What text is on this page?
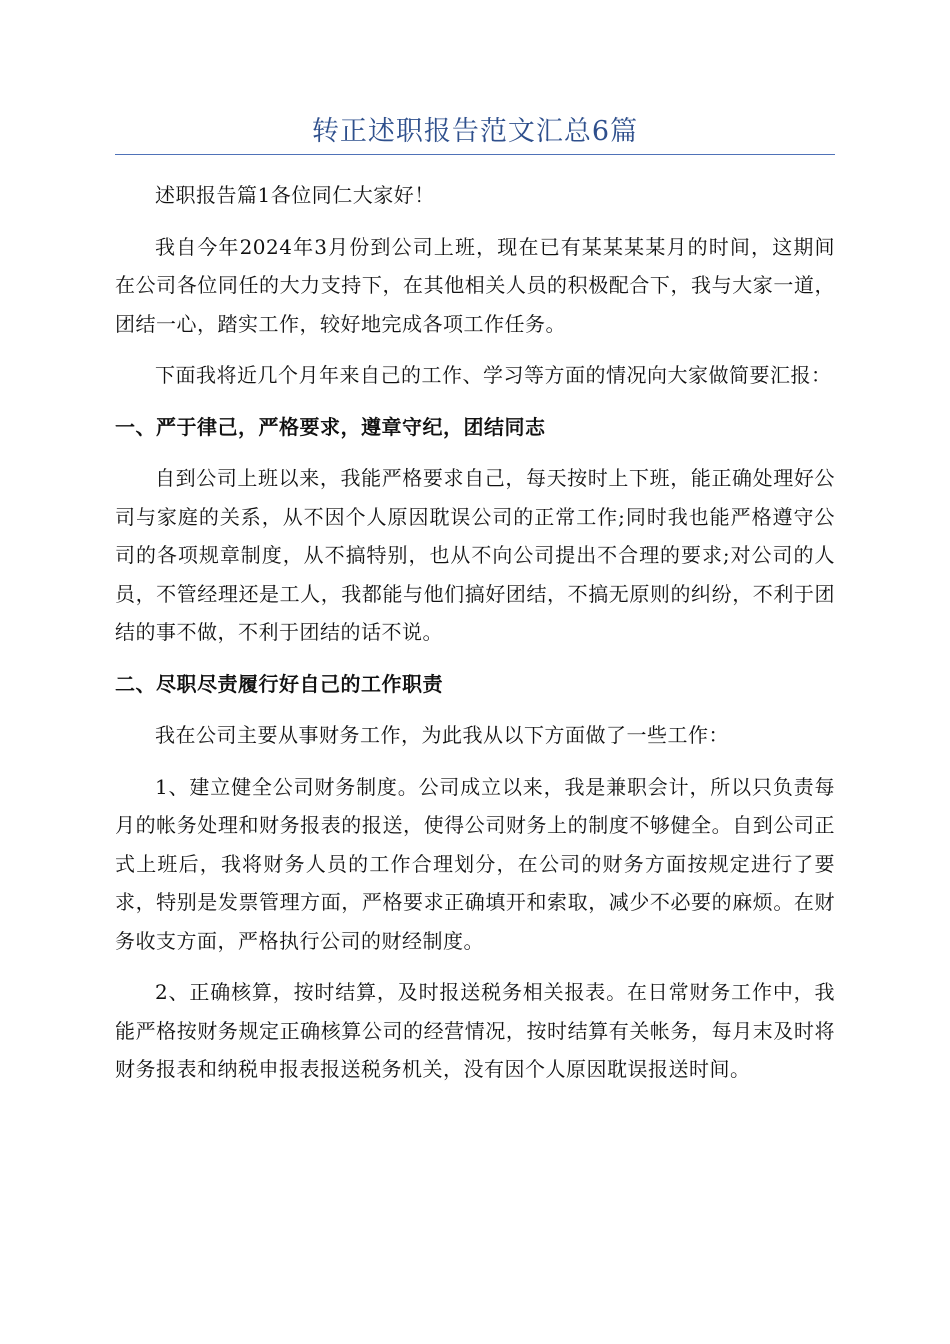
转正述职报告范文汇总6篇

述职报告篇1各位同仁大家好！

我自今年2024年3月份到公司上班，现在已有某某某某月的时间，这期间在公司各位同任的大力支持下，在其他相关人员的积极配合下，我与大家一道，团结一心，踏实工作，较好地完成各项工作任务。

下面我将近几个月年来自己的工作、学习等方面的情况向大家做简要汇报：

一、严于律己，严格要求，遵章守纪，团结同志

自到公司上班以来，我能严格要求自己，每天按时上下班，能正确处理好公司与家庭的关系，从不因个人原因耽误公司的正常工作;同时我也能严格遵守公司的各项规章制度，从不搞特别，也从不向公司提出不合理的要求;对公司的人员，不管经理还是工人，我都能与他们搞好团结，不搞无原则的纠纷，不利于团结的事不做，不利于团结的话不说。

二、尽职尽责履行好自己的工作职责

我在公司主要从事财务工作，为此我从以下方面做了一些工作：

1、建立健全公司财务制度。公司成立以来，我是兼职会计，所以只负责每月的帐务处理和财务报表的报送，使得公司财务上的制度不够健全。自到公司正式上班后，我将财务人员的工作合理划分，在公司的财务方面按规定进行了要求，特别是发票管理方面，严格要求正确填开和索取，减少不必要的麻烦。在财务收支方面，严格执行公司的财经制度。

2、正确核算，按时结算，及时报送税务相关报表。在日常财务工作中，我能严格按财务规定正确核算公司的经营情况，按时结算有关帐务，每月末及时将财务报表和纳税申报表报送税务机关，没有因个人原因耽误报送时间。
